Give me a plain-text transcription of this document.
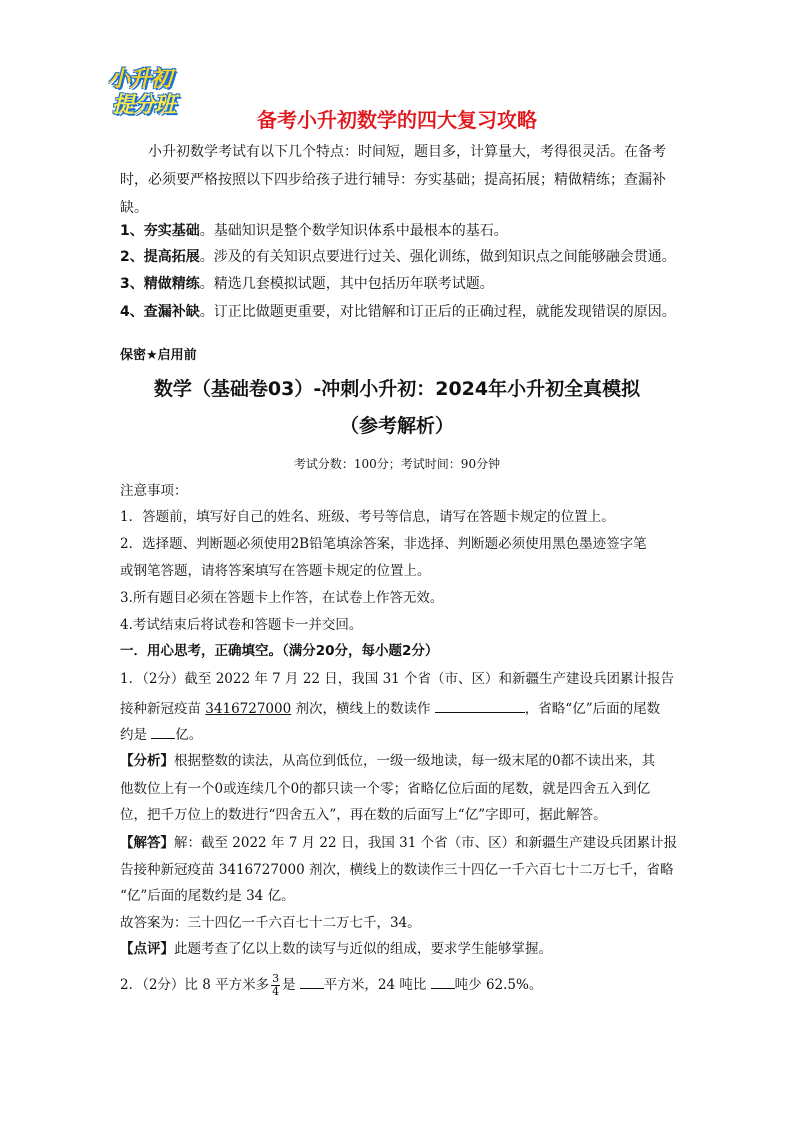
小升初
提分班
备考小升初数学的四大复习攻略
小升初数学考试有以下几个特点：时间短，题目多，计算量大，考得很灵活。在备考时，必须要严格按照以下四步给孩子进行辅导：夯实基础；提高拓展；精做精练；查漏补缺。
1、夯实基础。基础知识是整个数学知识体系中最根本的基石。
2、提高拓展。涉及的有关知识点要进行过关、强化训练，做到知识点之间能够融会贯通。
3、精做精练。精选几套模拟试题，其中包括历年联考试题。
4、查漏补缺。订正比做题更重要，对比错解和订正后的正确过程，就能发现错误的原因。
保密★启用前
数学（基础卷03）-冲刺小升初：2024年小升初全真模拟
（参考解析）
考试分数：100分；考试时间：90分钟
注意事项：
1．答题前，填写好自己的姓名、班级、考号等信息，请写在答题卡规定的位置上。
2．选择题、判断题必须使用2B铅笔填涂答案，非选择、判断题必须使用黑色墨迹签字笔
或钢笔答题，请将答案填写在答题卡规定的位置上。
3.所有题目必须在答题卡上作答，在试卷上作答无效。
4.考试结束后将试卷和答题卡一并交回。
一．用心思考，正确填空。（满分20分，每小题2分）
1．（2分）截至 2022 年 7 月 22 日，我国 31 个省（市、区）和新疆生产建设兵团累计报告
接种新冠疫苗 3416727000 剂次，横线上的数读作	，省略“亿”后面的尾数
约是 亿。
【分析】根据整数的读法，从高位到低位，一级一级地读，每一级末尾的0都不读出来，其
他数位上有一个0或连续几个0的都只读一个零；省略亿位后面的尾数，就是四舍五入到亿
位，把千万位上的数进行“四舍五入”，再在数的后面写上“亿”字即可，据此解答。
【解答】解：截至 2022 年 7 月 22 日，我国 31 个省（市、区）和新疆生产建设兵团累计报
告接种新冠疫苗 3416727000 剂次，横线上的数读作三十四亿一千六百七十二万七千，省略
“亿”后面的尾数约是 34 亿。
故答案为：三十四亿一千六百七十二万七千，34。
【点评】此题考查了亿以上数的读写与近似的组成，要求学生能够掌握。
2．（2分）比 8 平方米多 $\frac{3}{4}$ 是 平方米，24 吨比 吨少 62.5%。
